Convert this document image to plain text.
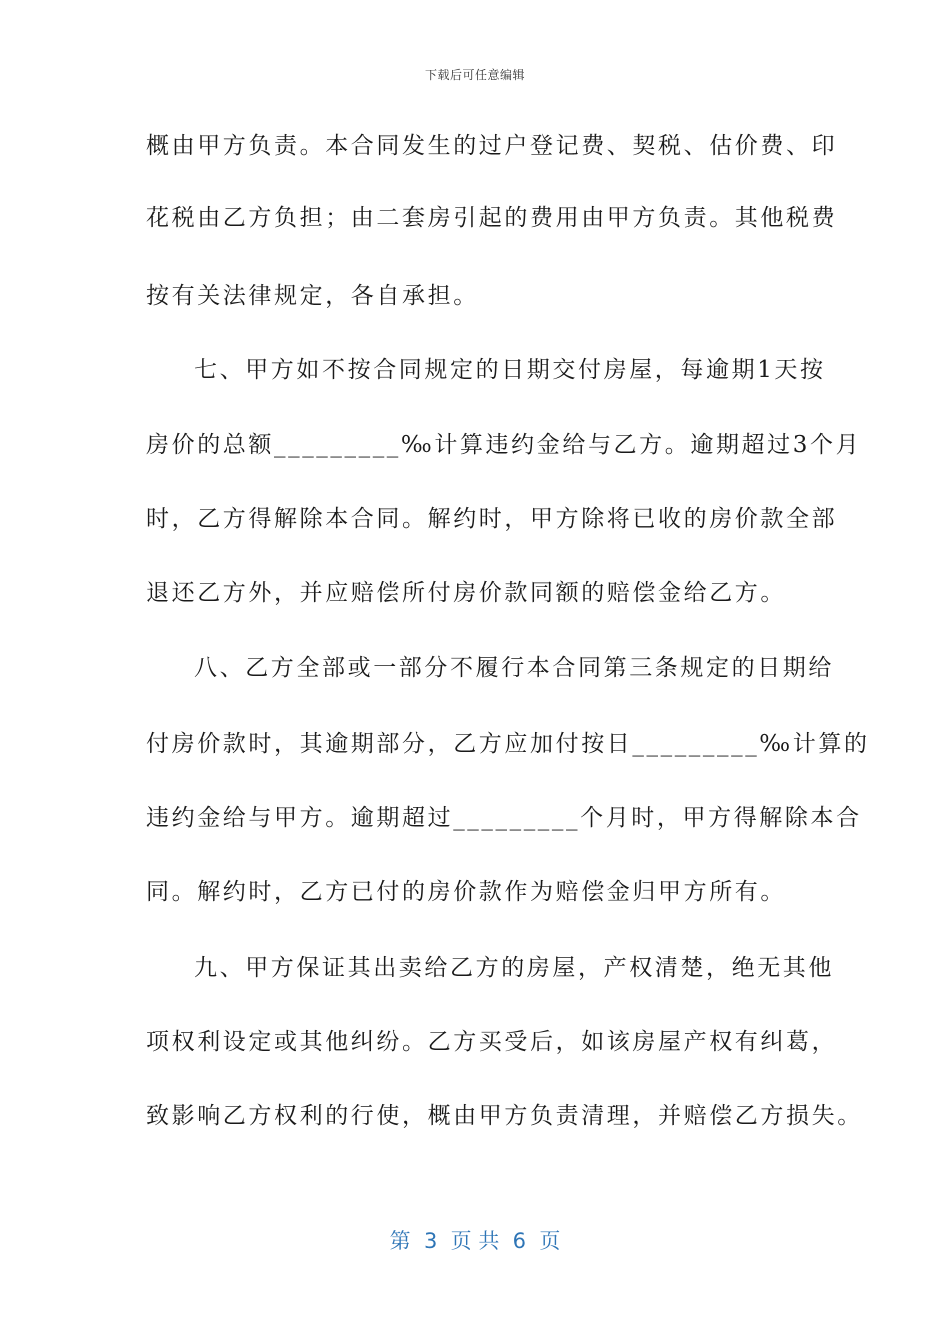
下载后可任意编辑
概由甲方负责。本合同发生的过户登记费、契税、估价费、印
花税由乙方负担；由二套房引起的费用由甲方负责。其他税费
按有关法律规定，各自承担。
七、甲方如不按合同规定的日期交付房屋，每逾期1天按
房价的总额_________‰计算违约金给与乙方。逾期超过3个月
时，乙方得解除本合同。解约时，甲方除将已收的房价款全部
退还乙方外，并应赔偿所付房价款同额的赔偿金给乙方。
八、乙方全部或一部分不履行本合同第三条规定的日期给
付房价款时，其逾期部分，乙方应加付按日_________‰计算的
违约金给与甲方。逾期超过_________个月时，甲方得解除本合
同。解约时，乙方已付的房价款作为赔偿金归甲方所有。
九、甲方保证其出卖给乙方的房屋，产权清楚，绝无其他
项权利设定或其他纠纷。乙方买受后，如该房屋产权有纠葛，
致影响乙方权利的行使，概由甲方负责清理，并赔偿乙方损失。
第  3  页 共  6  页
